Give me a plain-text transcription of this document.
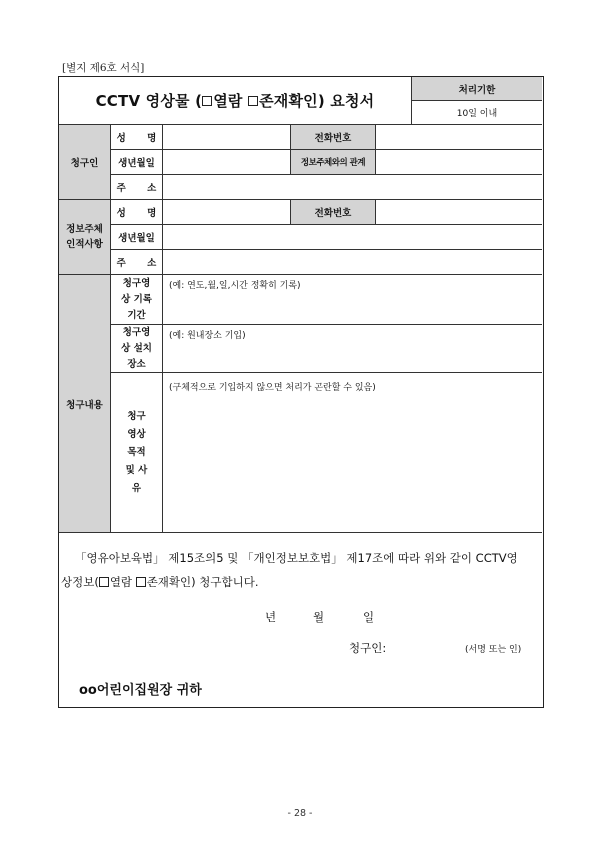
[별지 제6호 서식]
CCTV 영상물 ( 열람
존재확인 ) 요청서
처리기한
10일 이내
청구인
성 명	전화번호
생년월일	정보주체와의 관계
주 소
정보주체 인적사항
성 명	전화번호
생년월일
주 소
청구내용
청구영상 기록기간
(예: 연도,월,일,시간 정확히 기록)
청구영상 설치장소
(예: 원내장소 기입)
청구영상 목적 및 사유
(구체적으로 기입하지 않으면 처리가 곤란할 수 있음)
「영유아보육법」 제15조의5 및 「개인정보보호법」 제17조에 따라 위와 같이 CCTV영
상정보( 열람 존재확인) 청구합니다.
년	월	일
청구인:	(서명 또는 인)
oo어린이집원장 귀하
- 28 -
